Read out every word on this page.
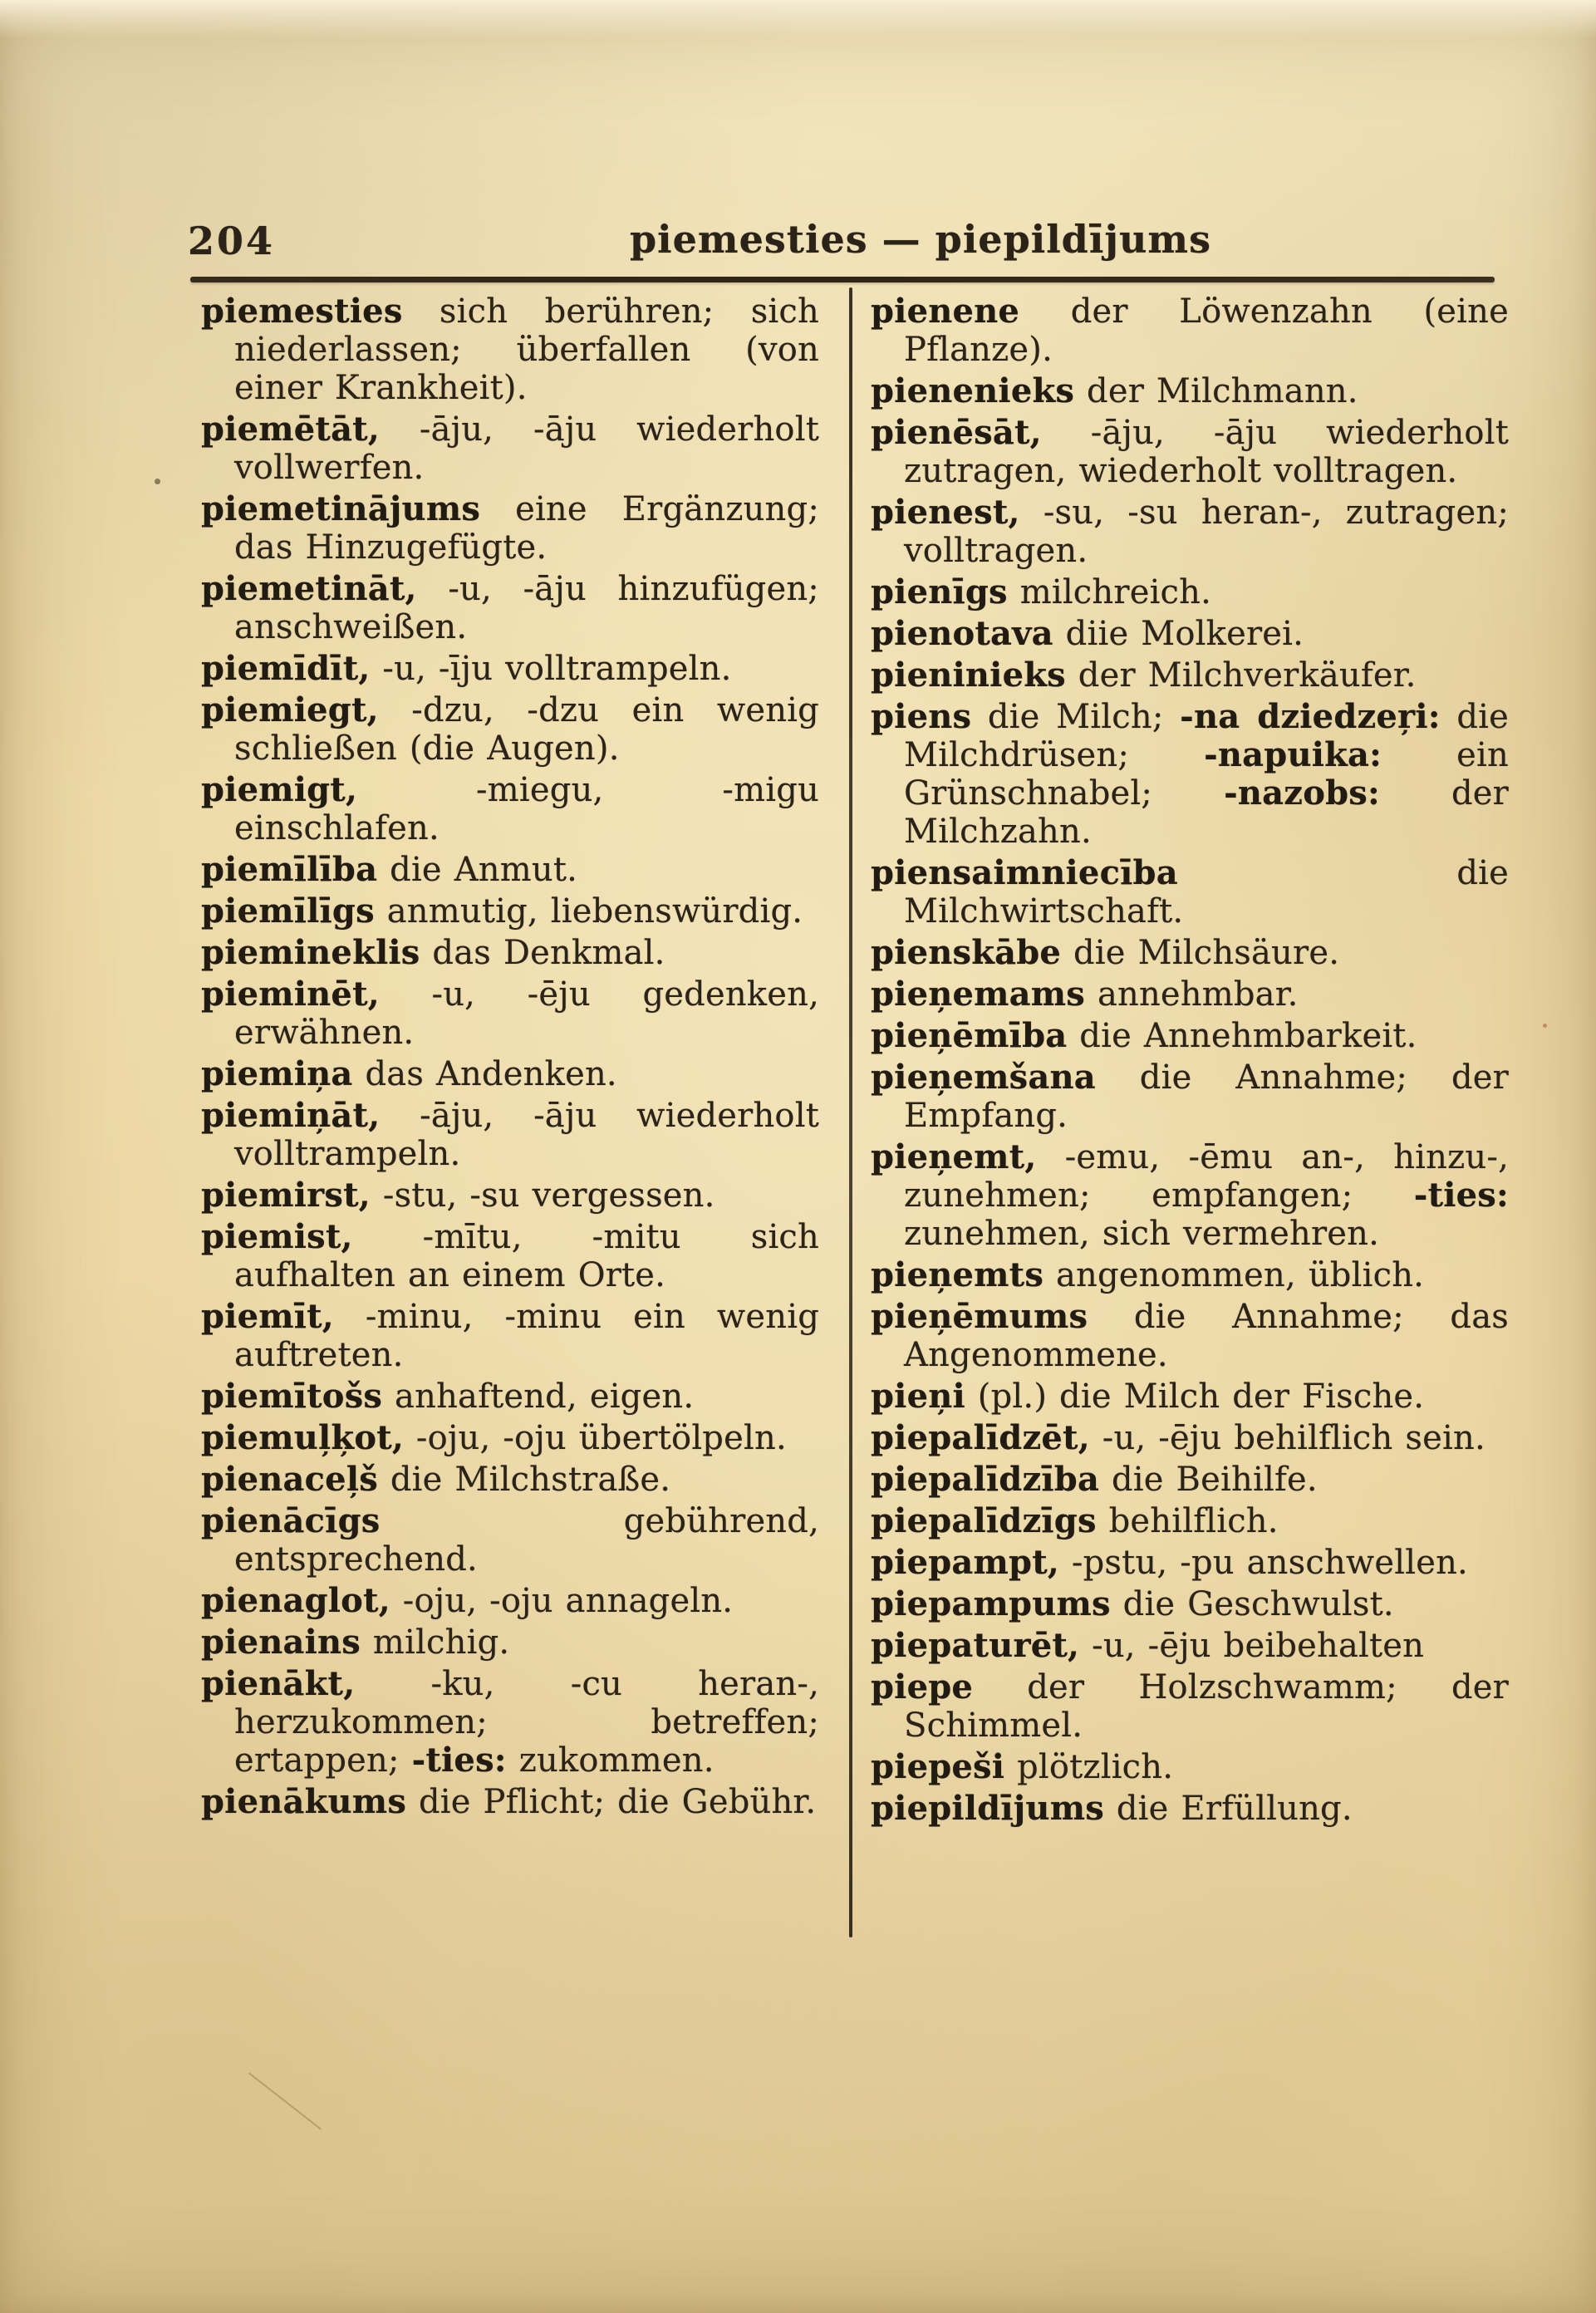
204	piemesties — piepildījums

piemesties sich berühren; sich niederlassen; überfallen (von einer Krankheit).

piemētāt, -āju, -āju wiederholt vollwerfen.

piemetinājums eine Ergänzung; das Hinzugefügte.

piemetināt, -u, -āju hinzufügen; anschweißen.

piemīdīt, -u, -īju volltrampeln.

piemiegt, -dzu, -dzu ein wenig schließen (die Augen).

piemigt, -miegu, -migu einschlafen.

piemīlība die Anmut.

piemīlīgs anmutig, liebenswürdig.

piemineklis das Denkmal.

pieminēt, -u, -ēju gedenken, erwähnen.

piemiņa das Andenken.

piemiņāt, -āju, -āju wiederholt volltrampeln.

piemirst, -stu, -su vergessen.

piemist, -mītu, -mitu sich aufhalten an einem Orte.

piemīt, -minu, -minu ein wenig auftreten.

piemītošs anhaftend, eigen.

piemuļķot, -oju, -oju übertölpeln.

pienaceļš die Milchstraße.

pienācīgs gebührend, entsprechend.

pienaglot, -oju, -oju annageln.

pienains milchig.

pienākt, -ku, -cu heran-, herzukommen; betreffen; ertappen; -ties: zukommen.

pienākums die Pflicht; die Gebühr.

pienene der Löwenzahn (eine Pflanze).

pienenieks der Milchmann.

pienēsāt, -āju, -āju wiederholt zutragen, wiederholt volltragen.

pienest, -su, -su heran-, zutragen; volltragen.

pienīgs milchreich.

pienotava diie Molkerei.

pieninieks der Milchverkäufer.

piens die Milch; -na dziedzeŗi: die Milchdrüsen; -napuika: ein Grünschnabel; -nazobs: der Milchzahn.

piensaimniecība die Milchwirtschaft.

pienskābe die Milchsäure.

pieņemams annehmbar.

pieņēmība die Annehmbarkeit.

pieņemšana die Annahme; der Empfang.

pieņemt, -emu, -ēmu an-, hinzu-, zunehmen; empfangen; -ties: zunehmen, sich vermehren.

pieņemts angenommen, üblich.

pieņēmums die Annahme; das Angenommene.

pieņi (pl.) die Milch der Fische.

piepalīdzēt, -u, -ēju behilflich sein.

piepalīdzība die Beihilfe.

piepalīdzīgs behilflich.

piepampt, -pstu, -pu anschwellen.

piepampums die Geschwulst.

piepaturēt, -u, -ēju beibehalten

piepe der Holzschwamm; der Schimmel.

piepeši plötzlich.

piepildījums die Erfüllung.
